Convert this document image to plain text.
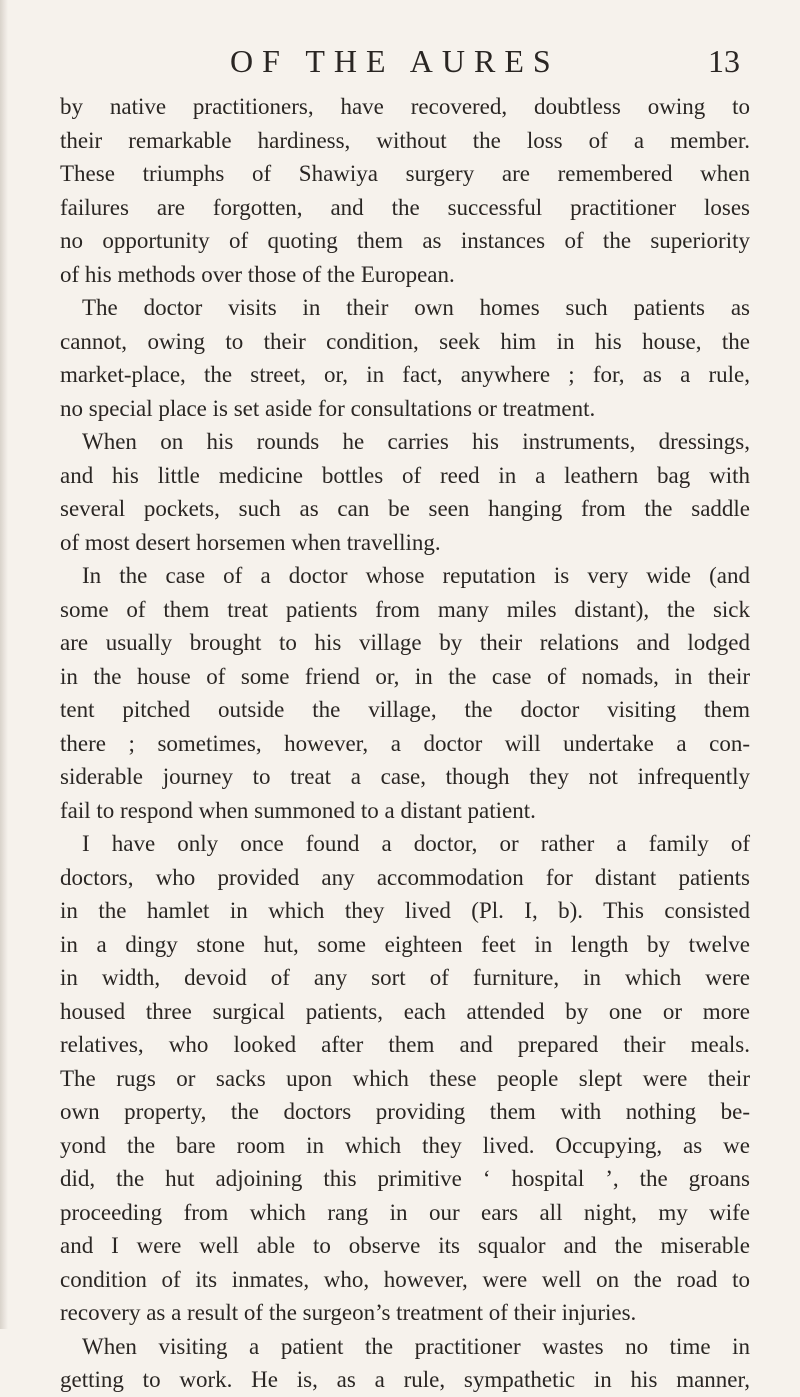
OF THE AURES	13
by native practitioners, have recovered, doubtless owing to
their remarkable hardiness, without the loss of a member.
These triumphs of Shawiya surgery are remembered when
failures are forgotten, and the successful practitioner loses
no opportunity of quoting them as instances of the superiority
of his methods over those of the European.
The doctor visits in their own homes such patients as
cannot, owing to their condition, seek him in his house, the
market-place, the street, or, in fact, anywhere ; for, as a rule,
no special place is set aside for consultations or treatment.
When on his rounds he carries his instruments, dressings,
and his little medicine bottles of reed in a leathern bag with
several pockets, such as can be seen hanging from the saddle
of most desert horsemen when travelling.
In the case of a doctor whose reputation is very wide (and
some of them treat patients from many miles distant), the sick
are usually brought to his village by their relations and lodged
in the house of some friend or, in the case of nomads, in their
tent pitched outside the village, the doctor visiting them
there ; sometimes, however, a doctor will undertake a con-
siderable journey to treat a case, though they not infrequently
fail to respond when summoned to a distant patient.
I have only once found a doctor, or rather a family of
doctors, who provided any accommodation for distant patients
in the hamlet in which they lived (Pl. I, b). This consisted
in a dingy stone hut, some eighteen feet in length by twelve
in width, devoid of any sort of furniture, in which were
housed three surgical patients, each attended by one or more
relatives, who looked after them and prepared their meals.
The rugs or sacks upon which these people slept were their
own property, the doctors providing them with nothing be-
yond the bare room in which they lived. Occupying, as we
did, the hut adjoining this primitive ‘ hospital ’, the groans
proceeding from which rang in our ears all night, my wife
and I were well able to observe its squalor and the miserable
condition of its inmates, who, however, were well on the road to
recovery as a result of the surgeon’s treatment of their injuries.
When visiting a patient the practitioner wastes no time in
getting to work. He is, as a rule, sympathetic in his manner,
